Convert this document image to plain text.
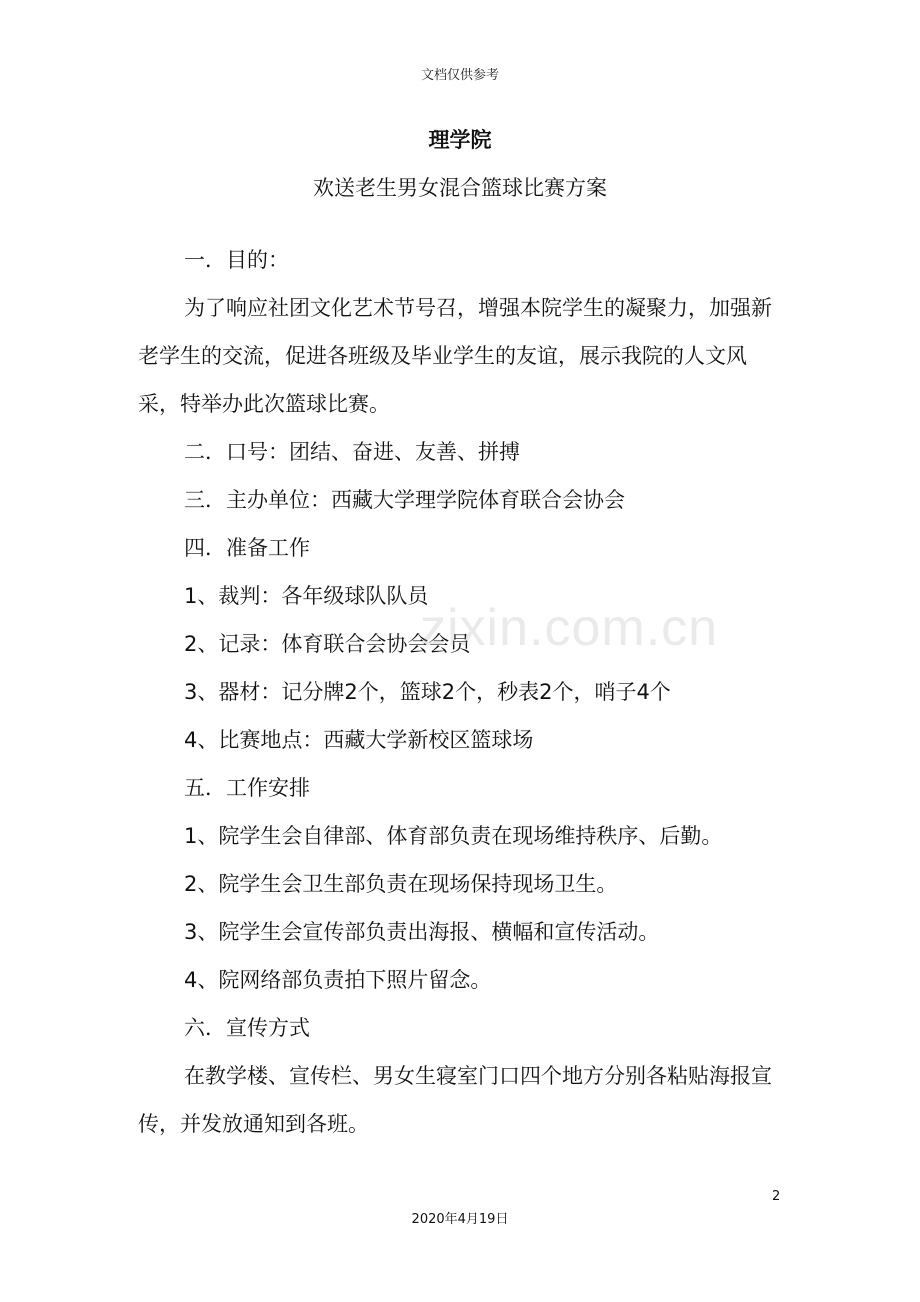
文档仅供参考
理学院
欢送老生男女混合篮球比赛方案

一．目的：

为了响应社团文化艺术节号召，增强本院学生的凝聚力，加强新老学生的交流，促进各班级及毕业学生的友谊，展示我院的人文风采，特举办此次篮球比赛。

二．口号：团结、奋进、友善、拼搏

三．主办单位：西藏大学理学院体育联合会协会

四．准备工作

1、裁判：各年级球队队员

2、记录：体育联合会协会会员

3、器材：记分牌2个，篮球2个，秒表2个，哨子4个

4、比赛地点：西藏大学新校区篮球场

五．工作安排

1、院学生会自律部、体育部负责在现场维持秩序、后勤。

2、院学生会卫生部负责在现场保持现场卫生。

3、院学生会宣传部负责出海报、横幅和宣传活动。

4、院网络部负责拍下照片留念。

六．宣传方式

在教学楼、宣传栏、男女生寝室门口四个地方分别各粘贴海报宣传，并发放通知到各班。

zixin.com.cn
2
2020年4月19日
